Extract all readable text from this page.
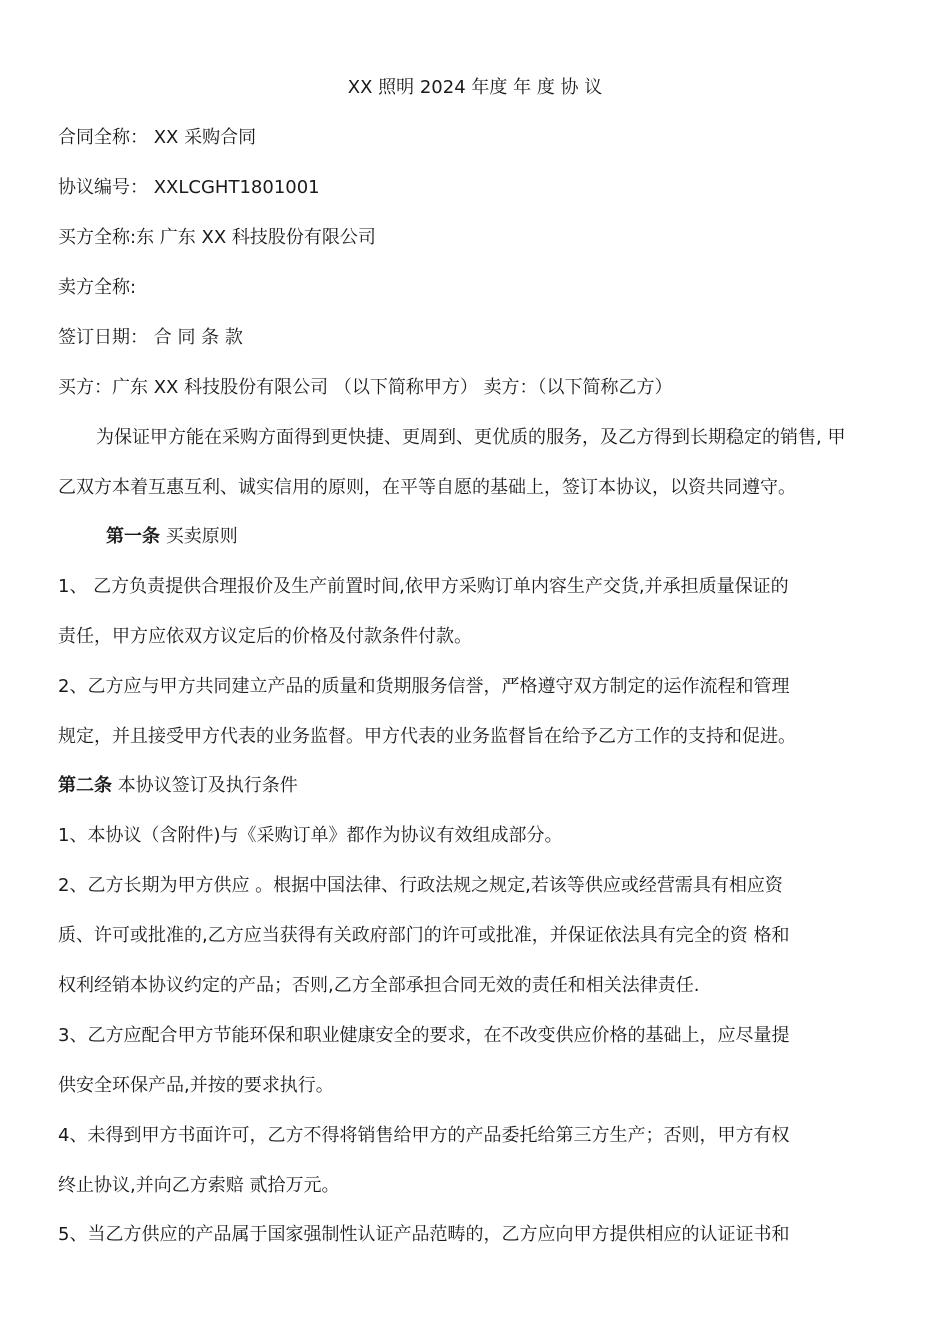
XX 照明 2024 年度 年 度 协 议
合同全称： XX 采购合同
协议编号： XXLCGHT1801001
买方全称:东 广东 XX 科技股份有限公司
卖方全称:
签订日期： 合 同 条 款
买方：广东 XX 科技股份有限公司 （以下简称甲方） 卖方：（以下简称乙方）
为保证甲方能在采购方面得到更快捷、更周到、更优质的服务，及乙方得到长期稳定的销售, 甲
乙双方本着互惠互利、诚实信用的原则，在平等自愿的基础上，签订本协议，以资共同遵守。
第一条 买卖原则
1、 乙方负责提供合理报价及生产前置时间,依甲方采购订单内容生产交货,并承担质量保证的
责任，甲方应依双方议定后的价格及付款条件付款。
2、乙方应与甲方共同建立产品的质量和货期服务信誉，严格遵守双方制定的运作流程和管理
规定，并且接受甲方代表的业务监督。甲方代表的业务监督旨在给予乙方工作的支持和促进。
第二条 本协议签订及执行条件
1、本协议（含附件)与《采购订单》都作为协议有效组成部分。
2、乙方长期为甲方供应 。根据中国法律、行政法规之规定,若该等供应或经营需具有相应资
质、许可或批准的,乙方应当获得有关政府部门的许可或批准，并保证依法具有完全的资 格和
权利经销本协议约定的产品；否则,乙方全部承担合同无效的责任和相关法律责任.
3、乙方应配合甲方节能环保和职业健康安全的要求，在不改变供应价格的基础上，应尽量提
供安全环保产品,并按的要求执行。
4、未得到甲方书面许可，乙方不得将销售给甲方的产品委托给第三方生产；否则，甲方有权
终止协议,并向乙方索赔 贰拾万元。
5、当乙方供应的产品属于国家强制性认证产品范畴的，乙方应向甲方提供相应的认证证书和
